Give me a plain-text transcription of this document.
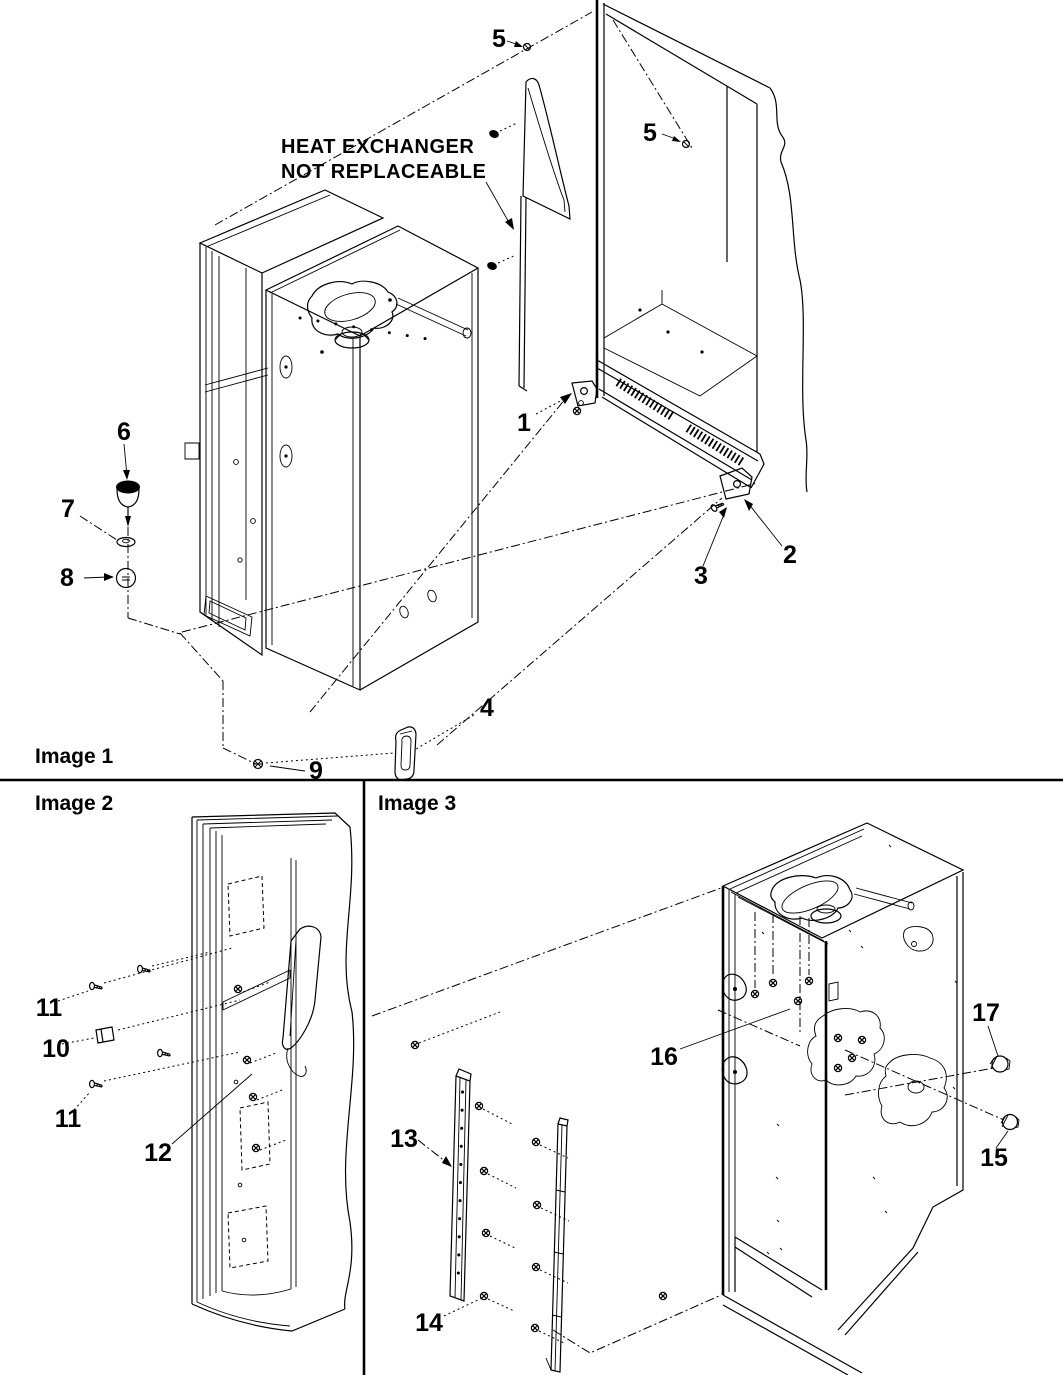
HEAT EXCHANGER
NOT REPLACEABLE
5
5
1
2
3
4
6
7
8
9
Image 1
11
10
11
12
Image 2
13
14
15
16
17
Image 3
